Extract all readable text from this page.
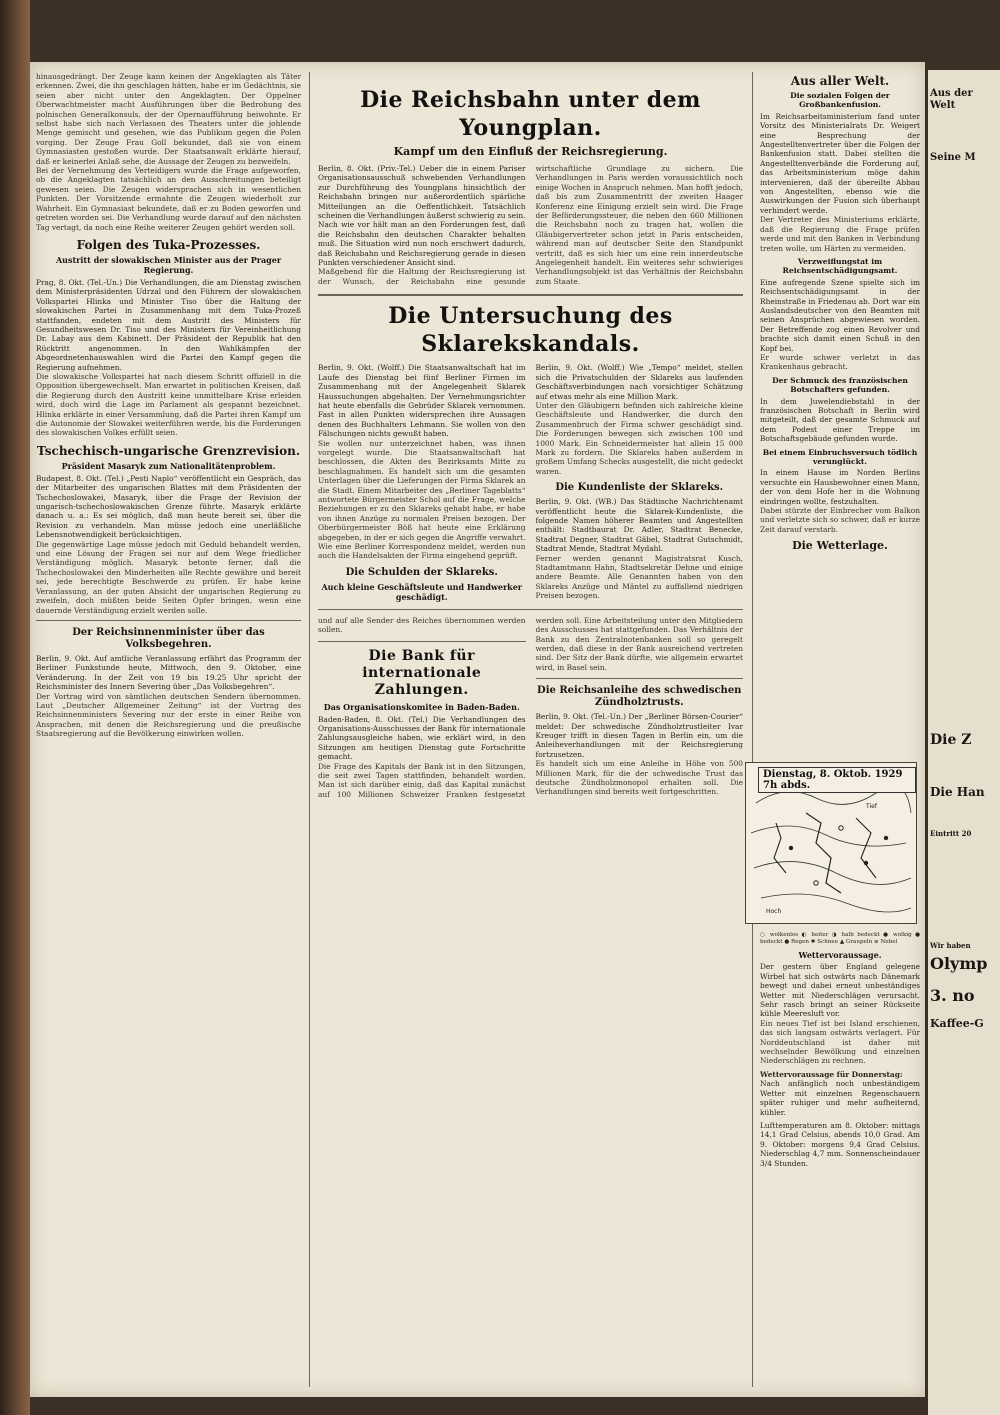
hinausgedrängt. Der Zeuge kann keinen der Angeklagten als Täter erkennen. Zwei, die ihn geschlagen hätten, habe er im Gedächtnis, sie seien aber nicht unter den Angeklagten. Der Oppelner Oberwachtmeister macht Ausführungen über die Bedrohung des polnischen Generalkonsuls, der der Opernaufführung beiwohnte. Er selbst habe sich nach Verlassen des Theaters unter die johlende Menge gemischt und gesehen, wie das Publikum gegen die Polen vorging. Der Zeuge Frau Goll bekundet, daß sie von einem Gymnasiasten gestoßen wurde. Der Staatsanwalt erklärte hierauf, daß er keinerlei Anlaß sehe, die Aussage der Zeugen zu bezweifeln.
Bei der Vernehmung des Verteidigers wurde die Frage aufgeworfen, ob die Angeklagten tatsächlich an den Ausschreitungen beteiligt gewesen seien. Die Zeugen widersprachen sich in wesentlichen Punkten. Der Vorsitzende ermahnte die Zeugen wiederholt zur Wahrheit. Ein Gymnasiast bekundete, daß er zu Boden geworfen und getreten worden sei. Die Verhandlung wurde darauf auf den nächsten Tag vertagt, da noch eine Reihe weiterer Zeugen gehört werden soll.
Folgen des Tuka-Prozesses.
Austritt der slowakischen Minister aus der Prager Regierung.
Prag, 8. Okt. (Tel.-Un.) Die Verhandlungen, die am Dienstag zwischen dem Ministerpräsidenten Udrzal und den Führern der slowakischen Volkspartei Hlinka und Minister Tiso über die Haltung der slowakischen Partei in Zusammenhang mit dem Tuka-Prozeß stattfanden, endeten mit dem Austritt des Ministers für Gesundheitswesen Dr. Tiso und des Ministers für Vereinheitlichung Dr. Labay aus dem Kabinett. Der Präsident der Republik hat den Rücktritt angenommen. In den Wahlkämpfen der Abgeordnetenhauswahlen wird die Partei den Kampf gegen die Regierung aufnehmen.
Die slowakische Volkspartei hat nach diesem Schritt offiziell in die Opposition übergewechselt. Man erwartet in politischen Kreisen, daß die Regierung durch den Austritt keine unmittelbare Krise erleiden wird, doch wird die Lage im Parlament als gespannt bezeichnet. Hlinka erklärte in einer Versammlung, daß die Partei ihren Kampf um die Autonomie der Slowakei weiterführen werde, bis die Forderungen des slowakischen Volkes erfüllt seien.
Tschechisch-ungarische Grenzrevision.
Präsident Masaryk zum Nationalitätenproblem.
Budapest, 8. Okt. (Tel.) „Pesti Naplo“ veröffentlicht ein Gespräch, das der Mitarbeiter des ungarischen Blattes mit dem Präsidenten der Tschechoslowakei, Masaryk, über die Frage der Revision der ungarisch-tschechoslowakischen Grenze führte. Masaryk erklärte danach u. a.: Es sei möglich, daß man heute bereit sei, über die Revision zu verhandeln. Man müsse jedoch eine unerläßliche Lebensnotwendigkeit berücksichtigen.
Die gegenwärtige Lage müsse jedoch mit Geduld behandelt werden, und eine Lösung der Fragen sei nur auf dem Wege friedlicher Verständigung möglich. Masaryk betonte ferner, daß die Tschechoslowakei den Minderheiten alle Rechte gewähre und bereit sei, jede berechtigte Beschwerde zu prüfen. Er habe keine Veranlassung, an der guten Absicht der ungarischen Regierung zu zweifeln, doch müßten beide Seiten Opfer bringen, wenn eine dauernde Verständigung erzielt werden solle.
Der Reichsinnenminister über das Volksbegehren.
Berlin, 9. Okt. Auf amtliche Veranlassung erfährt das Programm der Berliner Funkstunde heute, Mittwoch, den 9. Oktober, eine Veränderung. In der Zeit von 19 bis 19.25 Uhr spricht der Reichsminister des Innern Severing über „Das Volksbegehren“.
Der Vortrag wird von sämtlichen deutschen Sendern übernommen. Laut „Deutscher Allgemeiner Zeitung“ ist der Vortrag des Reichsinnenministers Severing nur der erste in einer Reihe von Ansprachen, mit denen die Reichsregierung und die preußische Staatsregierung auf die Bevölkerung einwirken wollen.
Die Reichsbahn unter dem Youngplan.
Kampf um den Einfluß der Reichsregierung.
Berlin, 8. Okt. (Priv.-Tel.) Ueber die in einem Pariser Organisationsausschuß schwebenden Verhandlungen zur Durchführung des Youngplans hinsichtlich der Reichsbahn bringen nur außerordentlich spärliche Mitteilungen an die Oeffentlichkeit. Tatsächlich scheinen die Verhandlungen äußerst schwierig zu sein. Nach wie vor hält man an den Forderungen fest, daß die Reichsbahn den deutschen Charakter behalten muß. Die Situation wird nun noch erschwert dadurch, daß Reichsbahn und Reichsregierung gerade in diesen Punkten verschiedener Ansicht sind.
Maßgebend für die Haltung der Reichsregierung ist der Wunsch, der Reichsbahn eine gesunde wirtschaftliche Grundlage zu sichern. Die Verhandlungen in Paris werden voraussichtlich noch einige Wochen in Anspruch nehmen. Man hofft jedoch, daß bis zum Zusammentritt der zweiten Haager Konferenz eine Einigung erzielt sein wird. Die Frage der Beförderungssteuer, die neben den 660 Millionen die Reichsbahn noch zu tragen hat, wollen die Gläubigervertreter schon jetzt in Paris entscheiden, während man auf deutscher Seite den Standpunkt vertritt, daß es sich hier um eine rein innerdeutsche Angelegenheit handelt. Ein weiteres sehr schwieriges Verhandlungsobjekt ist das Verhältnis der Reichsbahn zum Staate.
Die Untersuchung des Sklarekskandals.
Berlin, 9. Okt. (Wolff.) Die Staatsanwaltschaft hat im Laufe des Dienstag bei fünf Berliner Firmen im Zusammenhang mit der Angelegenheit Sklarek Haussuchungen abgehalten. Der Vernehmungsrichter hat heute ebenfalls die Gebrüder Sklarek vernommen. Fast in allen Punkten widersprechen ihre Aussagen denen des Buchhalters Lehmann. Sie wollen von den Fälschungen nichts gewußt haben.
Sie wollen nur unterzeichnet haben, was ihnen vorgelegt wurde. Die Staatsanwaltschaft hat beschlossen, die Akten des Bezirksamts Mitte zu beschlagnahmen. Es handelt sich um die gesamten Unterlagen über die Lieferungen der Firma Sklarek an die Stadt. Einem Mitarbeiter des „Berliner Tageblatts“ antwortete Bürgermeister Schol auf die Frage, welche Beziehungen er zu den Sklareks gehabt habe, er habe von ihnen Anzüge zu normalen Preisen bezogen. Der Oberbürgermeister Böß hat heute eine Erklärung abgegeben, in der er sich gegen die Angriffe verwahrt. Wie eine Berliner Korrespondenz meldet, werden nun auch die Handelsakten der Firma eingehend geprüft.
Die Schulden der Sklareks.
Auch kleine Geschäftsleute und Handwerker geschädigt.
Berlin, 9. Okt. (Wolff.) Wie „Tempo“ meldet, stellen sich die Privatschulden der Sklareks aus laufenden Geschäftsverbindungen nach vorsichtiger Schätzung auf etwas mehr als eine Million Mark.
Unter den Gläubigern befinden sich zahlreiche kleine Geschäftsleute und Handwerker, die durch den Zusammenbruch der Firma schwer geschädigt sind. Die Forderungen bewegen sich zwischen 100 und 1000 Mark. Ein Schneidermeister hat allein 15 000 Mark zu fordern. Die Sklareks haben außerdem in großem Umfang Schecks ausgestellt, die nicht gedeckt waren.
Die Kundenliste der Sklareks.
Berlin, 9. Okt. (WB.) Das Städtische Nachrichtenamt veröffentlicht heute die Sklarek-Kundenliste, die folgende Namen höherer Beamten und Angestellten enthält: Stadtbaurat Dr. Adler, Stadtrat Benecke, Stadtrat Degner, Stadtrat Gäbel, Stadtrat Gutschmidt, Stadtrat Mende, Stadtrat Mydahl.
Ferner werden genannt Magistratsrat Kusch, Stadtamtmann Hahn, Stadtsekretär Dehne und einige andere Beamte. Alle Genannten haben von den Sklareks Anzüge und Mäntel zu auffallend niedrigen Preisen bezogen.
und auf alle Sender des Reiches übernommen werden sollen.
Die Bank für internationale Zahlungen.
Das Organisationskomitee in Baden-Baden.
Baden-Baden, 8. Okt. (Tel.) Die Verhandlungen des Organisations-Ausschusses der Bank für internationale Zahlungsausgleiche haben, wie erklärt wird, in den Sitzungen am heutigen Dienstag gute Fortschritte gemacht.
Die Frage des Kapitals der Bank ist in den Sitzungen, die seit zwei Tagen stattfinden, behandelt worden. Man ist sich darüber einig, daß das Kapital zunächst auf 100 Millionen Schweizer Franken festgesetzt werden soll. Eine Arbeitsteilung unter den Mitgliedern des Ausschusses hat stattgefunden. Das Verhältnis der Bank zu den Zentralnotenbanken soll so geregelt werden, daß diese in der Bank ausreichend vertreten sind. Der Sitz der Bank dürfte, wie allgemein erwartet wird, in Basel sein.
Die Reichsanleihe des schwedischen Zündholztrusts.
Berlin, 9. Okt. (Tel.-Un.) Der „Berliner Börsen-Courier“ meldet: Der schwedische Zündholztrustleiter Ivar Kreuger trifft in diesen Tagen in Berlin ein, um die Anleiheverhandlungen mit der Reichsregierung fortzusetzen.
Es handelt sich um eine Anleihe in Höhe von 500 Millionen Mark, für die der schwedische Trust das deutsche Zündholzmonopol erhalten soll. Die Verhandlungen sind bereits weit fortgeschritten.
Aus aller Welt.
Die sozialen Folgen der Großbankenfusion.
Im Reichsarbeitsministerium fand unter Vorsitz des Ministerialrats Dr. Weigert eine Besprechung der Angestelltenvertreter über die Folgen der Bankenfusion statt. Dabei stellten die Angestelltenverbände die Forderung auf, das Arbeitsministerium möge dahin intervenieren, daß der übereilte Abbau von Angestellten, ebenso wie die Auswirkungen der Fusion sich überhaupt verhindert werde.
Der Vertreter des Ministeriums erklärte, daß die Regierung die Frage prüfen werde und mit den Banken in Verbindung treten wolle, um Härten zu vermeiden.
Verzweiflungstat im Reichsentschädigungsamt.
Eine aufregende Szene spielte sich im Reichsentschädigungsamt in der Rheinstraße in Friedenau ab. Dort war ein Auslandsdeutscher von den Beamten mit seinen Ansprüchen abgewiesen worden. Der Betreffende zog einen Revolver und brachte sich damit einen Schuß in den Kopf bei.
Er wurde schwer verletzt in das Krankenhaus gebracht.
Der Schmuck des französischen Botschafters gefunden.
In dem Juwelendiebstahl in der französischen Botschaft in Berlin wird mitgeteilt, daß der gesamte Schmuck auf dem Podest einer Treppe im Botschaftsgebäude gefunden wurde.
Bei einem Einbruchsversuch tödlich verunglückt.
In einem Hause im Norden Berlins versuchte ein Hausbewohner einen Mann, der von dem Hofe her in die Wohnung eindringen wollte, festzuhalten.
Dabei stürzte der Einbrecher vom Balkon und verletzte sich so schwer, daß er kurze Zeit darauf verstarb.
Die Wetterlage.
Hoch
Tief
Dienstag, 8. Oktob. 1929 7h abds.
○ wolkenlos ◐ heiter ◑ halb bedeckt ● wolkig ● bedeckt ● Regen ✱ Schnee ▲ Graupeln ≡ Nebel
Wettervoraussage.
Der gestern über England gelegene Wirbel hat sich ostwärts nach Dänemark bewegt und dabei erneut unbeständiges Wetter mit Niederschlägen verursacht. Sehr rasch bringt an seiner Rückseite kühle Meeresluft vor.
Ein neues Tief ist bei Island erschienen, das sich langsam ostwärts verlagert. Für Norddeutschland ist daher mit wechselnder Bewölkung und einzelnen Niederschlägen zu rechnen.
Wettervoraussage für Donnerstag:
Nach anfänglich noch unbeständigem Wetter mit einzelnen Regenschauern später ruhiger und mehr aufheiternd, kühler.
Lufttemperaturen am 8. Oktober: mittags 14,1 Grad Celsius, abends 10,0 Grad. Am 9. Oktober: morgens 9,4 Grad Celsius. Niederschlag 4,7 mm. Sonnenscheindauer 3/4 Stunden.
Aus der Welt
Seine M
Die Z
Die Han
Eintritt 20
Wir haben
Olymp
3. no
Kaffee-G
